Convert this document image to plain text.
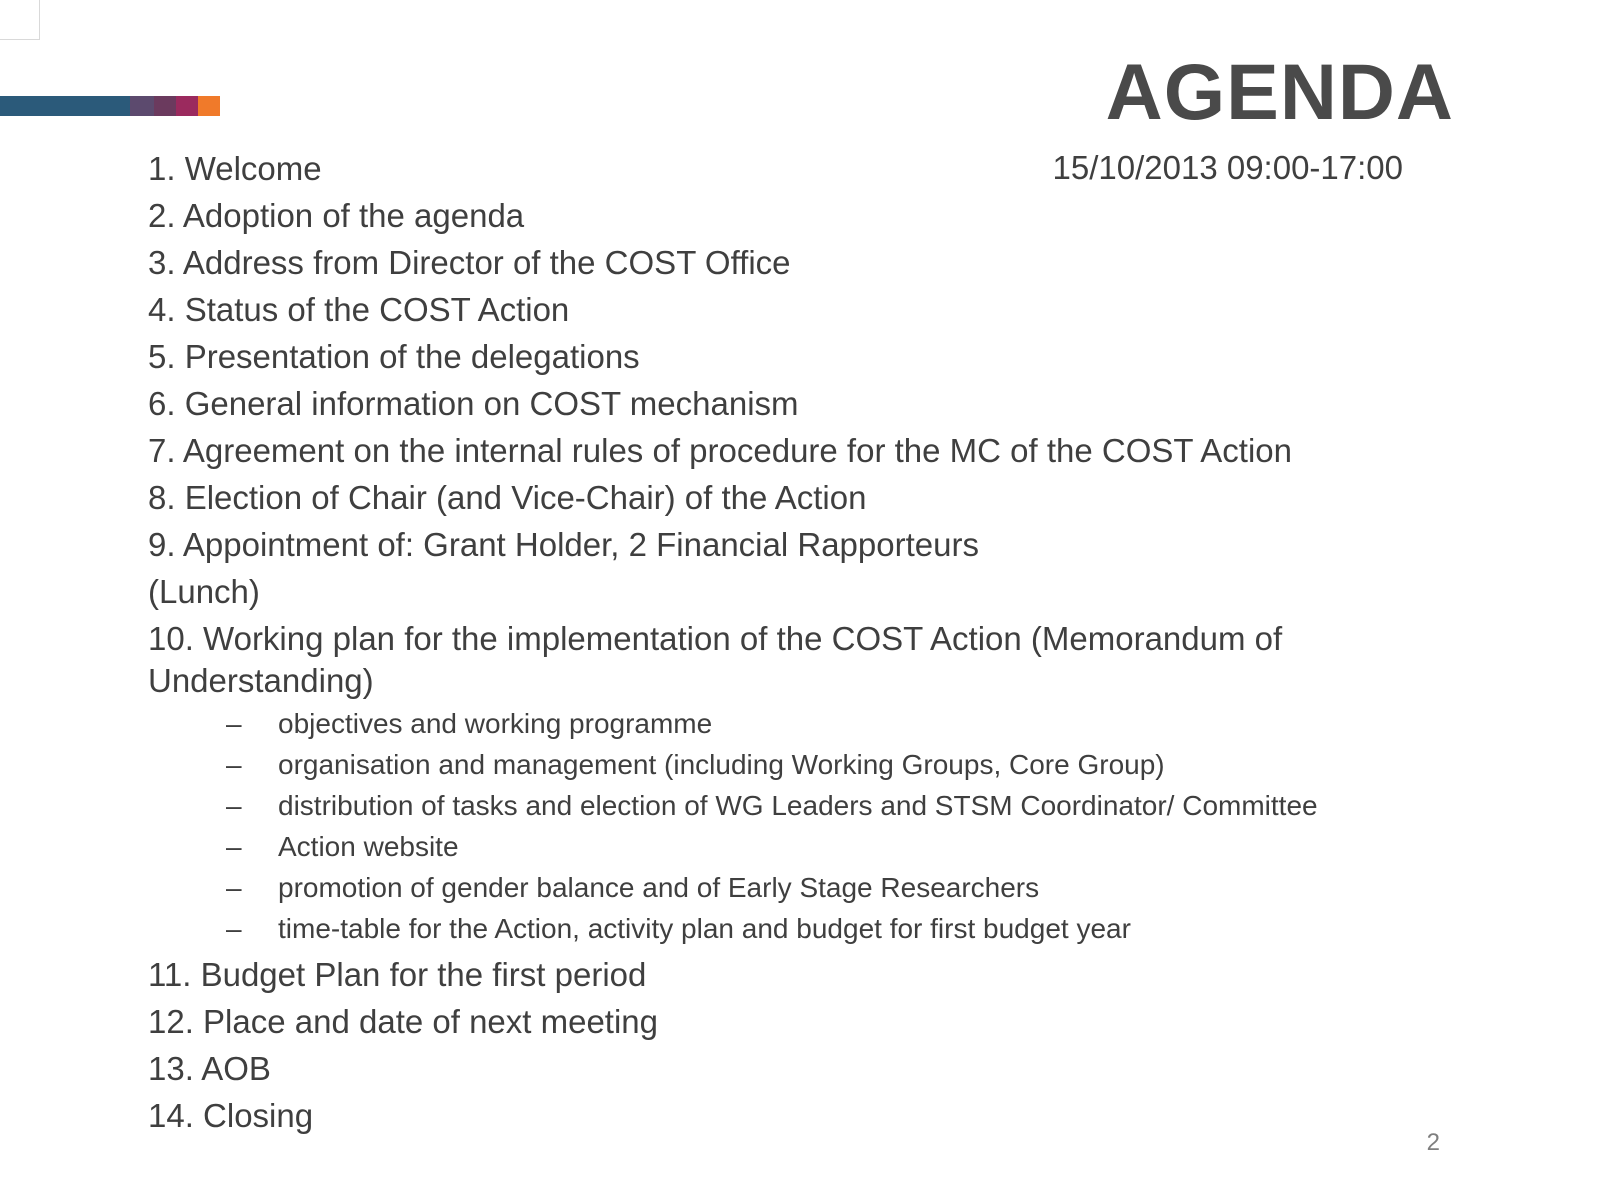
AGENDA
15/10/2013 09:00-17:00
1. Welcome
2. Adoption of the agenda
3. Address from Director of the COST Office
4. Status of the COST Action
5. Presentation of the delegations
6. General information on COST mechanism
7. Agreement on the internal rules of procedure for the MC of the COST Action
8. Election of Chair (and Vice-Chair) of the Action
9. Appointment of: Grant Holder, 2 Financial Rapporteurs
(Lunch)
10. Working plan for the implementation of the COST Action (Memorandum of Understanding)
– objectives and working programme
– organisation and management (including Working Groups, Core Group)
– distribution of tasks and election of WG Leaders and STSM Coordinator/ Committee
– Action website
– promotion of gender balance and of Early Stage Researchers
– time-table for the Action, activity plan and budget for first budget year
11. Budget Plan for the first period
12. Place and date of next meeting
13. AOB
14. Closing
2
